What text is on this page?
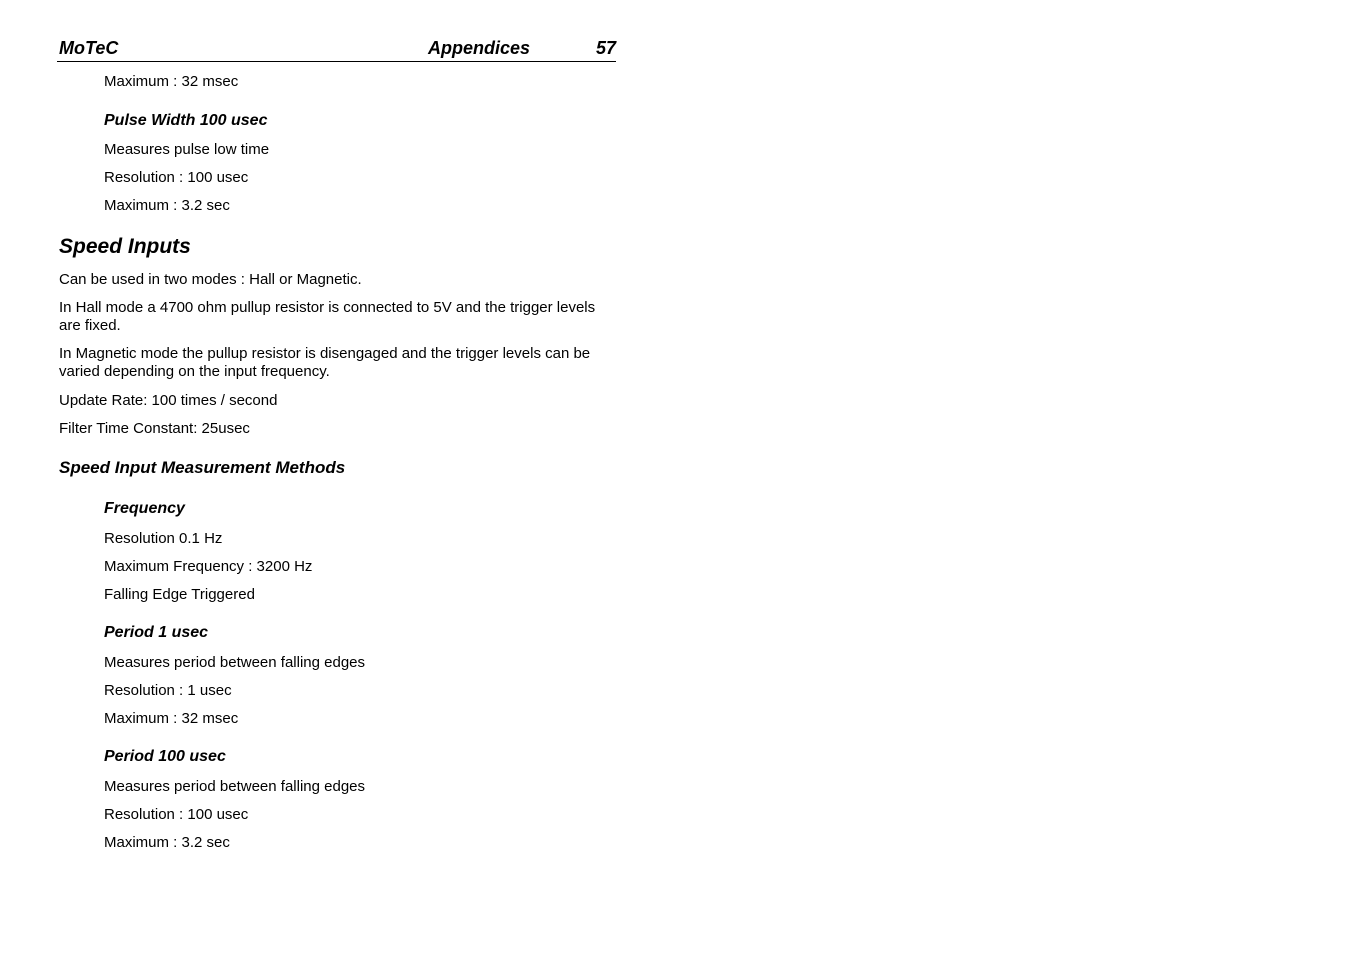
MoTeC	Appendices	57
Maximum : 32 msec
Pulse Width 100 usec
Measures pulse low time
Resolution : 100 usec
Maximum : 3.2 sec
Speed Inputs
Can be used in two modes : Hall or Magnetic.
In Hall mode a 4700 ohm pullup resistor is connected to 5V and the trigger levels are fixed.
In Magnetic mode the pullup resistor is disengaged and the trigger levels can be varied depending on the input frequency.
Update Rate: 100 times / second
Filter Time Constant: 25usec
Speed Input Measurement Methods
Frequency
Resolution 0.1 Hz
Maximum Frequency : 3200 Hz
Falling Edge Triggered
Period 1 usec
Measures period between falling edges
Resolution : 1 usec
Maximum : 32 msec
Period 100 usec
Measures period between falling edges
Resolution : 100 usec
Maximum : 3.2 sec
